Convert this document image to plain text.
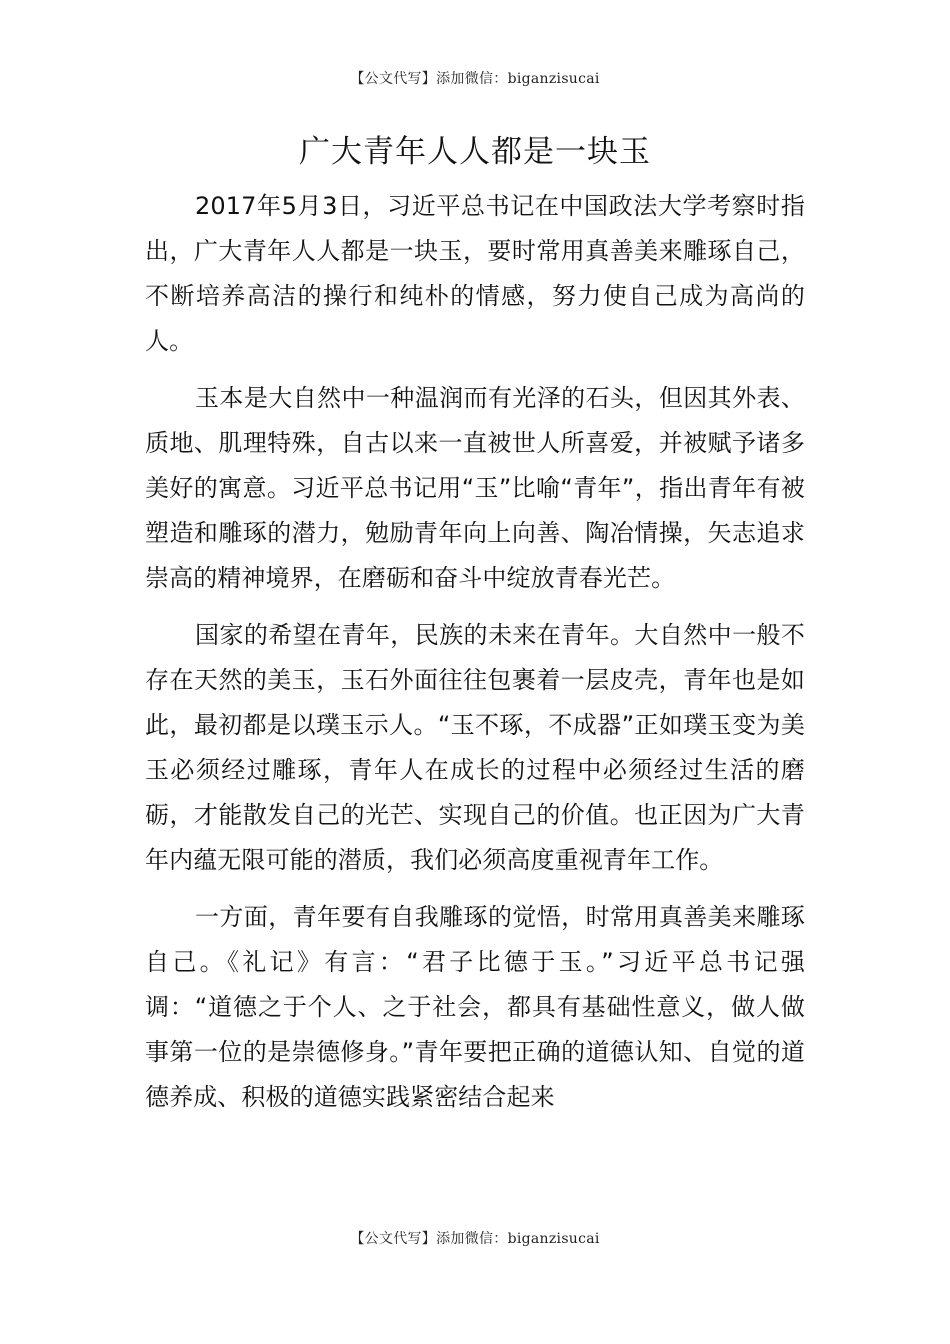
【公文代写】添加微信：biganzisucai
广大青年人人都是一块玉

2017年5月3日，习近平总书记在中国政法大学考察时指出，广大青年人人都是一块玉，要时常用真善美来雕琢自己，不断培养高洁的操行和纯朴的情感，努力使自己成为高尚的人。

玉本是大自然中一种温润而有光泽的石头，但因其外表、质地、肌理特殊，自古以来一直被世人所喜爱，并被赋予诸多美好的寓意。习近平总书记用“玉”比喻“青年”，指出青年有被塑造和雕琢的潜力，勉励青年向上向善、陶冶情操，矢志追求崇高的精神境界，在磨砺和奋斗中绽放青春光芒。

国家的希望在青年，民族的未来在青年。大自然中一般不存在天然的美玉，玉石外面往往包裹着一层皮壳，青年也是如此，最初都是以璞玉示人。“玉不琢，不成器”正如璞玉变为美玉必须经过雕琢，青年人在成长的过程中必须经过生活的磨砺，才能散发自己的光芒、实现自己的价值。也正因为广大青年内蕴无限可能的潜质，我们必须高度重视青年工作。

一方面，青年要有自我雕琢的觉悟，时常用真善美来雕琢自己。《礼记》有言：“君子比德于玉。”习近平总书记强调：“道德之于个人、之于社会，都具有基础性意义，做人做事第一位的是崇德修身。”青年要把正确的道德认知、自觉的道德养成、积极的道德实践紧密结合起来

【公文代写】添加微信：biganzisucai
